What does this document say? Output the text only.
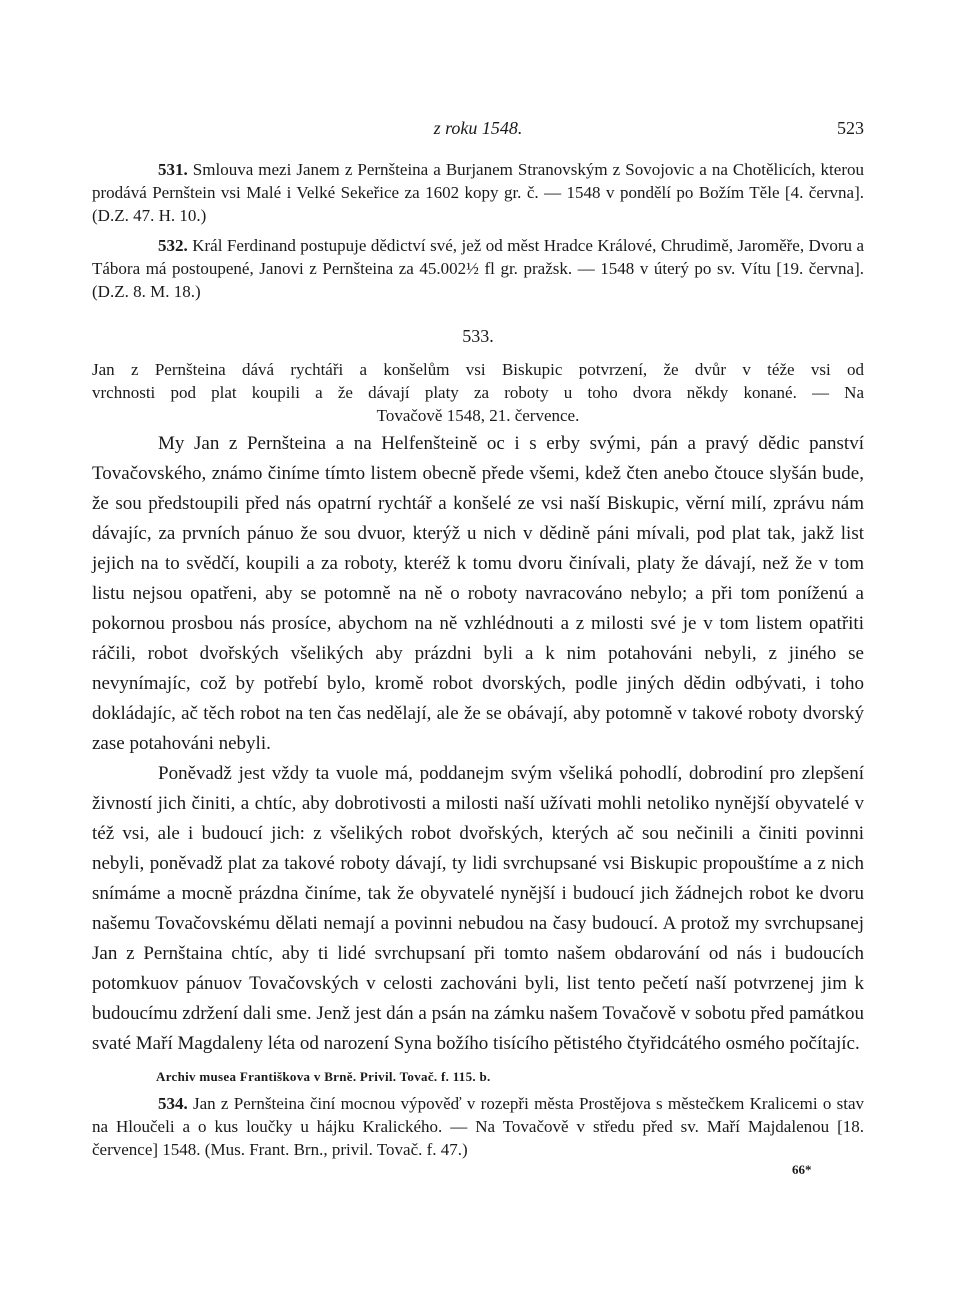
z roku 1548.	523

531. Smlouva mezi Janem z Pernšteina a Burjanem Stranovským z Sovojovic a na Chotělicích, kterou prodává Pernštein vsi Malé i Velké Sekeřice za 1602 kopy gr. č. — 1548 v pondělí po Božím Těle [4. června]. (D.Z. 47. H. 10.)

532. Král Ferdinand postupuje dědictví své, jež od měst Hradce Králové, Chrudimě, Jaroměře, Dvoru a Tábora má postoupené, Janovi z Pernšteina za 45.002½ fl gr. pražsk. — 1548 v úterý po sv. Vítu [19. června]. (D.Z. 8. M. 18.)

533.
Jan z Pernšteina dává rychtáři a konšelům vsi Biskupic potvrzení, že dvůr v téže vsi od
vrchnosti pod plat koupili a že dávají platy za roboty u toho dvora někdy konané. — Na
Tovačově 1548, 21. července.

My Jan z Pernšteina a na Helfenšteině oc i s erby svými, pán a pravý dědic panství Tovačovského, známo činíme tímto listem obecně přede všemi, kdež čten anebo čtouce slyšán bude, že sou předstoupili před nás opatrní rychtář a konšelé ze vsi naší Biskupic, věrní milí, zprávu nám dávajíc, za prvních pánuo že sou dvuor, kterýž u nich v dědině páni mívali, pod plat tak, jakž list jejich na to svědčí, koupili a za roboty, kteréž k tomu dvoru činívali, platy že dávají, než že v tom listu nejsou opatřeni, aby se potomně na ně o roboty navracováno nebylo; a při tom poníženú a pokornou prosbou nás prosíce, abychom na ně vzhlédnouti a z milosti své je v tom listem opatřiti ráčili, robot dvořských všelikých aby prázdni byli a k nim potahováni nebyli, z jiného se nevynímajíc, což by potřebí bylo, kromě robot dvorských, podle jiných dědin odbývati, i toho dokládajíc, ač těch robot na ten čas nedělají, ale že se obávají, aby potomně v takové roboty dvorský zase potahováni nebyli.

Poněvadž jest vždy ta vuole má, poddanejm svým všeliká pohodlí, dobrodiní pro zlepšení živností jich činiti, a chtíc, aby dobrotivosti a milosti naší užívati mohli netoliko nynější obyvatelé v též vsi, ale i budoucí jich: z všelikých robot dvořských, kterých ač sou nečinili a činiti povinni nebyli, poněvadž plat za takové roboty dávají, ty lidi svrchupsané vsi Biskupic propouštíme a z nich snímáme a mocně prázdna činíme, tak že obyvatelé nynější i budoucí jich žádnejch robot ke dvoru našemu Tovačovskému dělati nemají a povinni nebudou na časy budoucí. A protož my svrchupsanej Jan z Pernštaina chtíc, aby ti lidé svrchupsaní při tomto našem obdarování od nás i budoucích potomkuov pánuov Tovačovských v celosti zachováni byli, list tento pečetí naší potvrzenej jim k budoucímu zdržení dali sme. Jenž jest dán a psán na zámku našem Tovačově v sobotu před památkou svaté Maří Magdaleny léta od narození Syna božího tisícího pětistého čtyřidcátého osmého počítajíc.

Archiv musea Františkova v Brně. Privil. Tovač. f. 115. b.

534. Jan z Pernšteina činí mocnou výpověď v rozepři města Prostějova s městečkem Kralicemi o stav na Hloučeli a o kus loučky u hájku Kralického. — Na Tovačově v středu před sv. Maří Majdalenou [18. července] 1548. (Mus. Frant. Brn., privil. Tovač. f. 47.)

66*
